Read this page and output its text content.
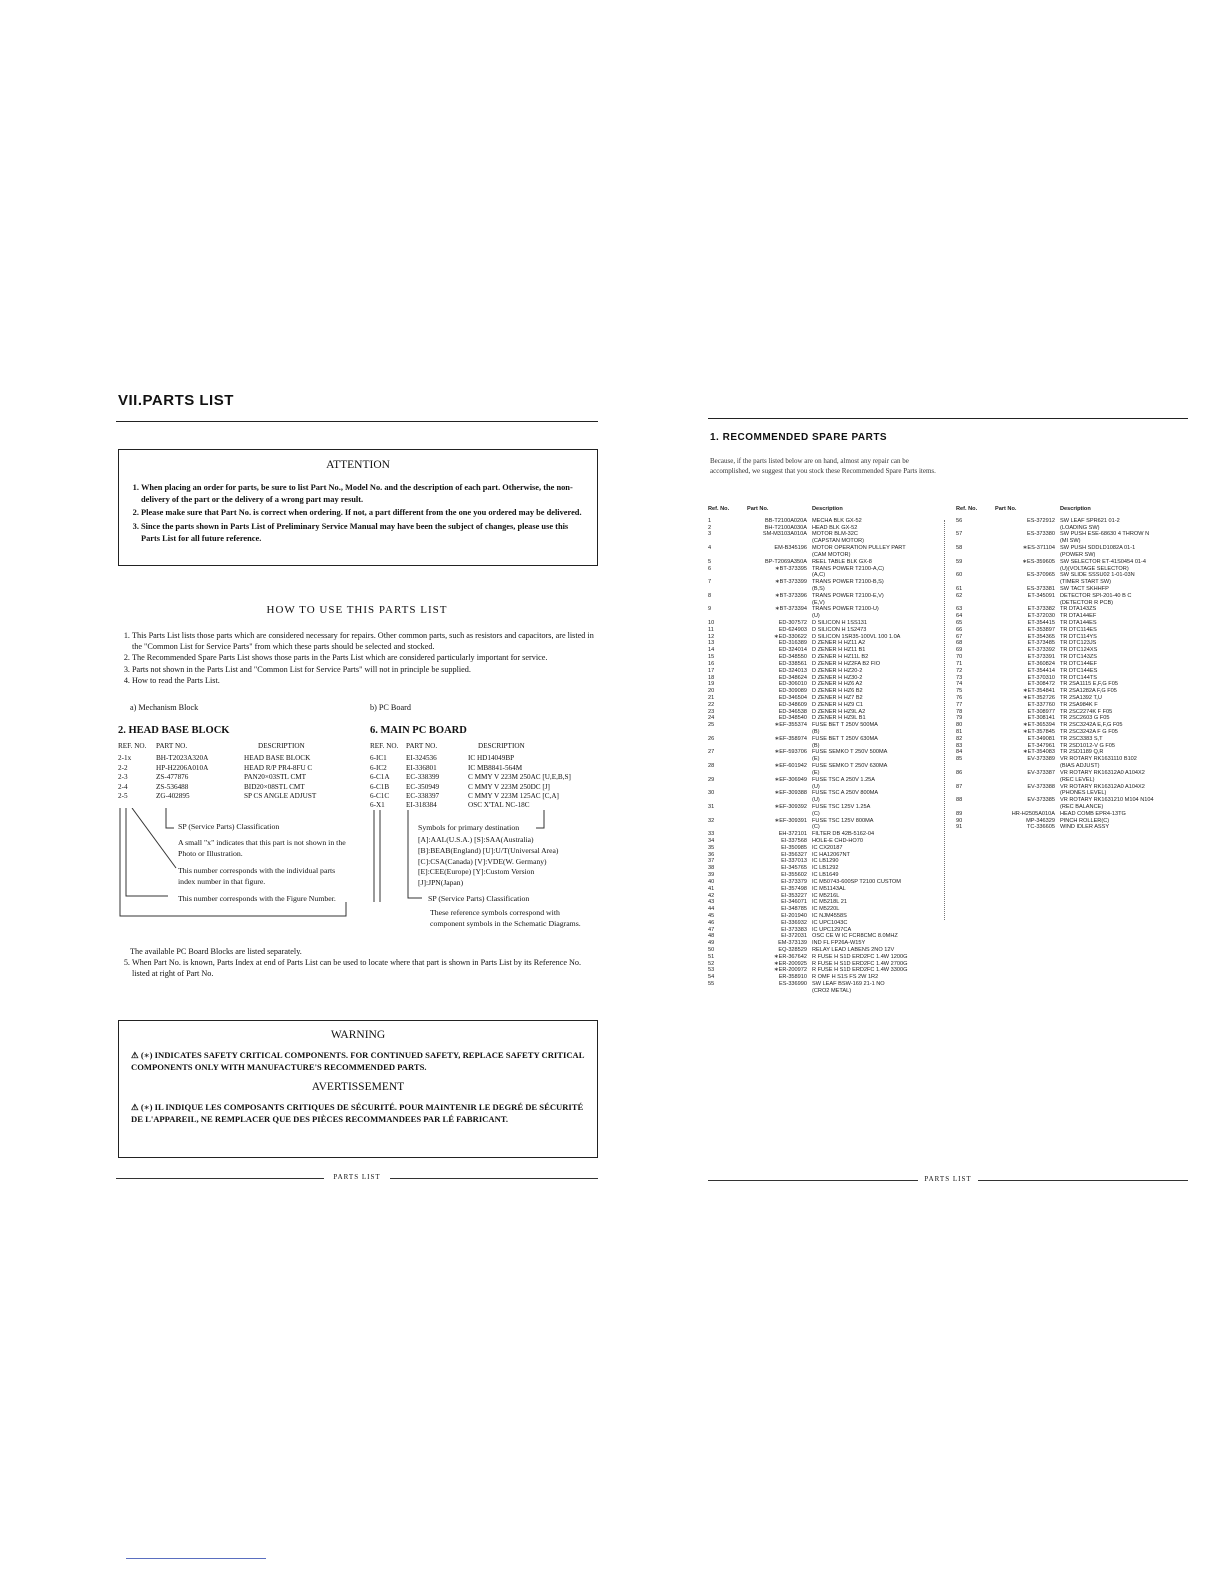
VII.PARTS LIST
ATTENTION
1. When placing an order for parts, be sure to list Part No., Model No. and the description of each part. Otherwise, the non-delivery of the part or the delivery of a wrong part may result.
2. Please make sure that Part No. is correct when ordering. If not, a part different from the one you ordered may be delivered.
3. Since the parts shown in Parts List of Preliminary Service Manual may have been the subject of changes, please use this Parts List for all future reference.
HOW TO USE THIS PARTS LIST
1. This Parts List lists those parts which are considered necessary for repairs. Other common parts, such as resistors and capacitors, are listed in the "Common List for Service Parts" from which these parts should be selected and stocked.
2. The Recommended Spare Parts List shows those parts in the Parts List which are considered particularly important for service.
3. Parts not shown in the Parts List and "Common List for Service Parts" will not in principle be supplied.
4. How to read the Parts List.
a) Mechanism Block	b) PC Board
2. HEAD BASE BLOCK
REF. NO.	PART NO.	DESCRIPTION
2-1x	BH-T2023A320A	HEAD BASE BLOCK
2-2	HP-H2206A010A	HEAD R/P PR4-8FU C
2-3	ZS-477876	PAN20×03STL CMT
2-4	ZS-536488	BID20×08STL CMT
2-5	ZG-402895	SP CS ANGLE ADJUST
SP (Service Parts) Classification
A small "x" indicates that this part is not shown in the Photo or Illustration.
This number corresponds with the individual parts index number in that figure.
This number corresponds with the Figure Number.
6. MAIN PC BOARD
REF. NO.	PART NO.	DESCRIPTION
6-IC1	EI-324536	IC HD14049BP
6-IC2	EI-336801	IC MB8841-564M
6-C1A	EC-338399	C MMY V 223M 250AC [U,E,B,S]
6-C1B	EC-350949	C MMY V 223M 250DC [J]
6-C1C	EC-338397	C MMY V 223M 125AC [C,A]
6-X1	EI-318384	OSC X'TAL NC-18C
Symbols for primary destination
[A]:AAL(U.S.A.) [S]:SAA(Australia)
[B]:BEAB(England) [U]:U/T(Universal Area)
[C]:CSA(Canada) [V]:VDE(W. Germany)
[E]:CEE(Europe) [Y]:Custom Version
[J]:JPN(Japan)
SP (Service Parts) Classification
These reference symbols correspond with component symbols in the Schematic Diagrams.
The available PC Board Blocks are listed separately.
5. When Part No. is known, Parts Index at end of Parts List can be used to locate where that part is shown in Parts List by its Reference No. listed at right of Part No.
WARNING
⚠ (∗) INDICATES SAFETY CRITICAL COMPONENTS. FOR CONTINUED SAFETY, REPLACE SAFETY CRITICAL COMPONENTS ONLY WITH MANUFACTURE'S RECOMMENDED PARTS.
AVERTISSEMENT
⚠ (∗) IL INDIQUE LES COMPOSANTS CRITIQUES DE SÉCURITÉ. POUR MAINTENIR LE DEGRÉ DE SÉCURITÉ DE L'APPAREIL, NE REMPLACER QUE DES PIÈCES RECOMMANDEES PAR LÉ FABRICANT.
PARTS LIST
1. RECOMMENDED SPARE PARTS
Because, if the parts listed below are on hand, almost any repair can be accomplished, we suggest that you stock these Recommended Spare Parts items.
Ref. No.	Part No.	Description
1	BB-T2100A020A	MECHA BLK GX-52
2	BH-T2100A030A	HEAD BLK GX-52
3	SM-M3103A010A	MOTOR BLM-32C
		(CAPSTAN MOTOR)
4	EM-B345196	MOTOR OPERATION PULLEY PART
		(CAM MOTOR)
5	BP-T2069A350A	REEL TABLE BLK GX-8
6	∗BT-373395	TRANS POWER T2100-A,C)
		(A,C)
7	∗BT-373399	TRANS POWER T2100-B,S)
		(B,S)
8	∗BT-373396	TRANS POWER T2100-E,V)
		(E,V)
9	∗BT-373394	TRANS POWER T2100-U)
		(U)
10	ED-307572	D SILICON H 1SS131
11	ED-624903	D SILICON H 1S2473
12	∗ED-330622	D SILICON 1SR35-100VL 100 1.0A
13	ED-316389	D ZENER H HZ11 A2
14	ED-324014	D ZENER H HZ11 B1
15	ED-348550	D ZENER H HZ11L B2
16	ED-338561	D ZENER H HZ2FA B2 FIO
17	ED-324013	D ZENER H HZ20-2
18	ED-348624	D ZENER H HZ30-2
19	ED-306010	D ZENER H HZ6 A2
20	ED-309089	D ZENER H HZ6 B2
21	ED-346504	D ZENER H HZ7 B2
22	ED-348609	D ZENER H HZ9 C1
23	ED-346538	D ZENER H HZ9L A2
24	ED-348540	D ZENER H HZ9L B1
25	∗EF-355374	FUSE BET T 250V 500MA
		(B)
26	∗EF-358974	FUSE BET T 250V 630MA
		(B)
27	∗EF-593706	FUSE SEMKO T 250V 500MA
		(E)
28	∗EF-601942	FUSE SEMKO T 250V 630MA
		(E)
29	∗EF-306949	FUSE TSC A 250V 1.25A
		(U)
30	∗EF-309388	FUSE TSC A 250V 800MA
		(U)
31	∗EF-309392	FUSE TSC 125V 1.25A
		(C)
32	∗EF-309391	FUSE TSC 125V 800MA
		(C)
33	EH-372101	FILTER DB 42B-5162-04
34	EI-337568	HOLE-E CHD-HO70
35	EI-350985	IC CX20187
36	EI-356327	IC HA12067NT
37	EI-337013	IC LB1290
38	EI-345765	IC LB1292
39	EI-355602	IC LB1649
40	EI-373379	IC M50743-600SP T2100 CUSTOM
41	EI-357498	IC M51143AL
42	EI-353227	IC M5216L
43	EI-346071	IC M5218L 21
44	EI-348785	IC M5220L
45	EI-201940	IC NJM4558S
46	EI-336932	IC UPC1043C
47	EI-373383	IC UPC1297CA
48	EI-372031	OSC CE W IC FCR8CMC 8.0MHZ
49	EM-373139	IND FL FP26A-W15Y
50	EQ-328529	RELAY LEAD LABENS 2NO 12V
51	∗ER-367642	R FUSE H S1D ERD2FC 1.4W 1200G
52	∗ER-200925	R FUSE H S1D ERD2FC 1.4W 2700G
53	∗ER-200972	R FUSE H S1D ERD2FC 1.4W 3300G
54	ER-358910	R OMF H S1S FS 2W 1R2
55	ES-336990	SW LEAF BSW-169 21-1 NO
		(CRO2 METAL)
Ref. No.	Part No.	Description
56	ES-372912	SW LEAF SPR621 01-2
		(LOADING SW)
57	ES-373380	SW PUSH ESE-68630 4 THROW N
		(MI SW)
58	∗ES-371104	SW PUSH SDDLD1082A 01-1
		(POWER SW)
59	∗ES-359605	SW SELECTOR ET-41S0454 01-4
		(U)(VOLTAGE SELECTOR)
60	ES-370965	SW SLIDE SSSU02 1-01-03N
		(TIMER START SW)
61	ES-373381	SW TACT SKHHFP
62	ET-345091	DETECTOR SPI-201-40 B C
		(DETECTOR R PCB)
63	ET-373382	TR DTA143ZS
64	ET-372030	TR DTA144EF
65	ET-354415	TR DTA144ES
66	ET-353897	TR DTC114ES
67	ET-354365	TR DTC114YS
68	ET-373485	TR DTC123JS
69	ET-373392	TR DTC124XS
70	ET-373391	TR DTC143ZS
71	ET-360824	TR DTC144EF
72	ET-354414	TR DTC144ES
73	ET-370310	TR DTC144TS
74	ET-308472	TR 2SA1115 E,F,G F05
75	∗ET-354841	TR 2SA1282A F,G F05
76	∗ET-352726	TR 2SA1392 T,U
77	ET-337760	TR 2SA984K F
78	ET-308977	TR 2SC2274K F F05
79	ET-308141	TR 2SC2603 G F05
80	∗ET-365394	TR 2SC3242A E,F,G F05
81	∗ET-357845	TR 2SC3242A F G F05
82	ET-349081	TR 2SC3383 S,T
83	ET-347961	TR 2SD1012-V G F05
84	∗ET-354083	TR 2SD1189 Q,R
85	EV-373389	VR ROTARY RK1631110 B102
		(BIAS ADJUST)
86	EV-373387	VR ROTARY RK16312A0 A104X2
		(REC LEVEL)
87	EV-373388	VR ROTARY RK16312A0 A104X2
		(PHONES LEVEL)
88	EV-373385	VR ROTARY RK1631210 M104 N104
		(REC BALANCE)
89	HR-H2505A010A	HEAD COMB EPR4-13TG
90	MP-346329	PINCH ROLLER(C)
91	TC-336605	WIND IDLER ASSY
PARTS LIST
